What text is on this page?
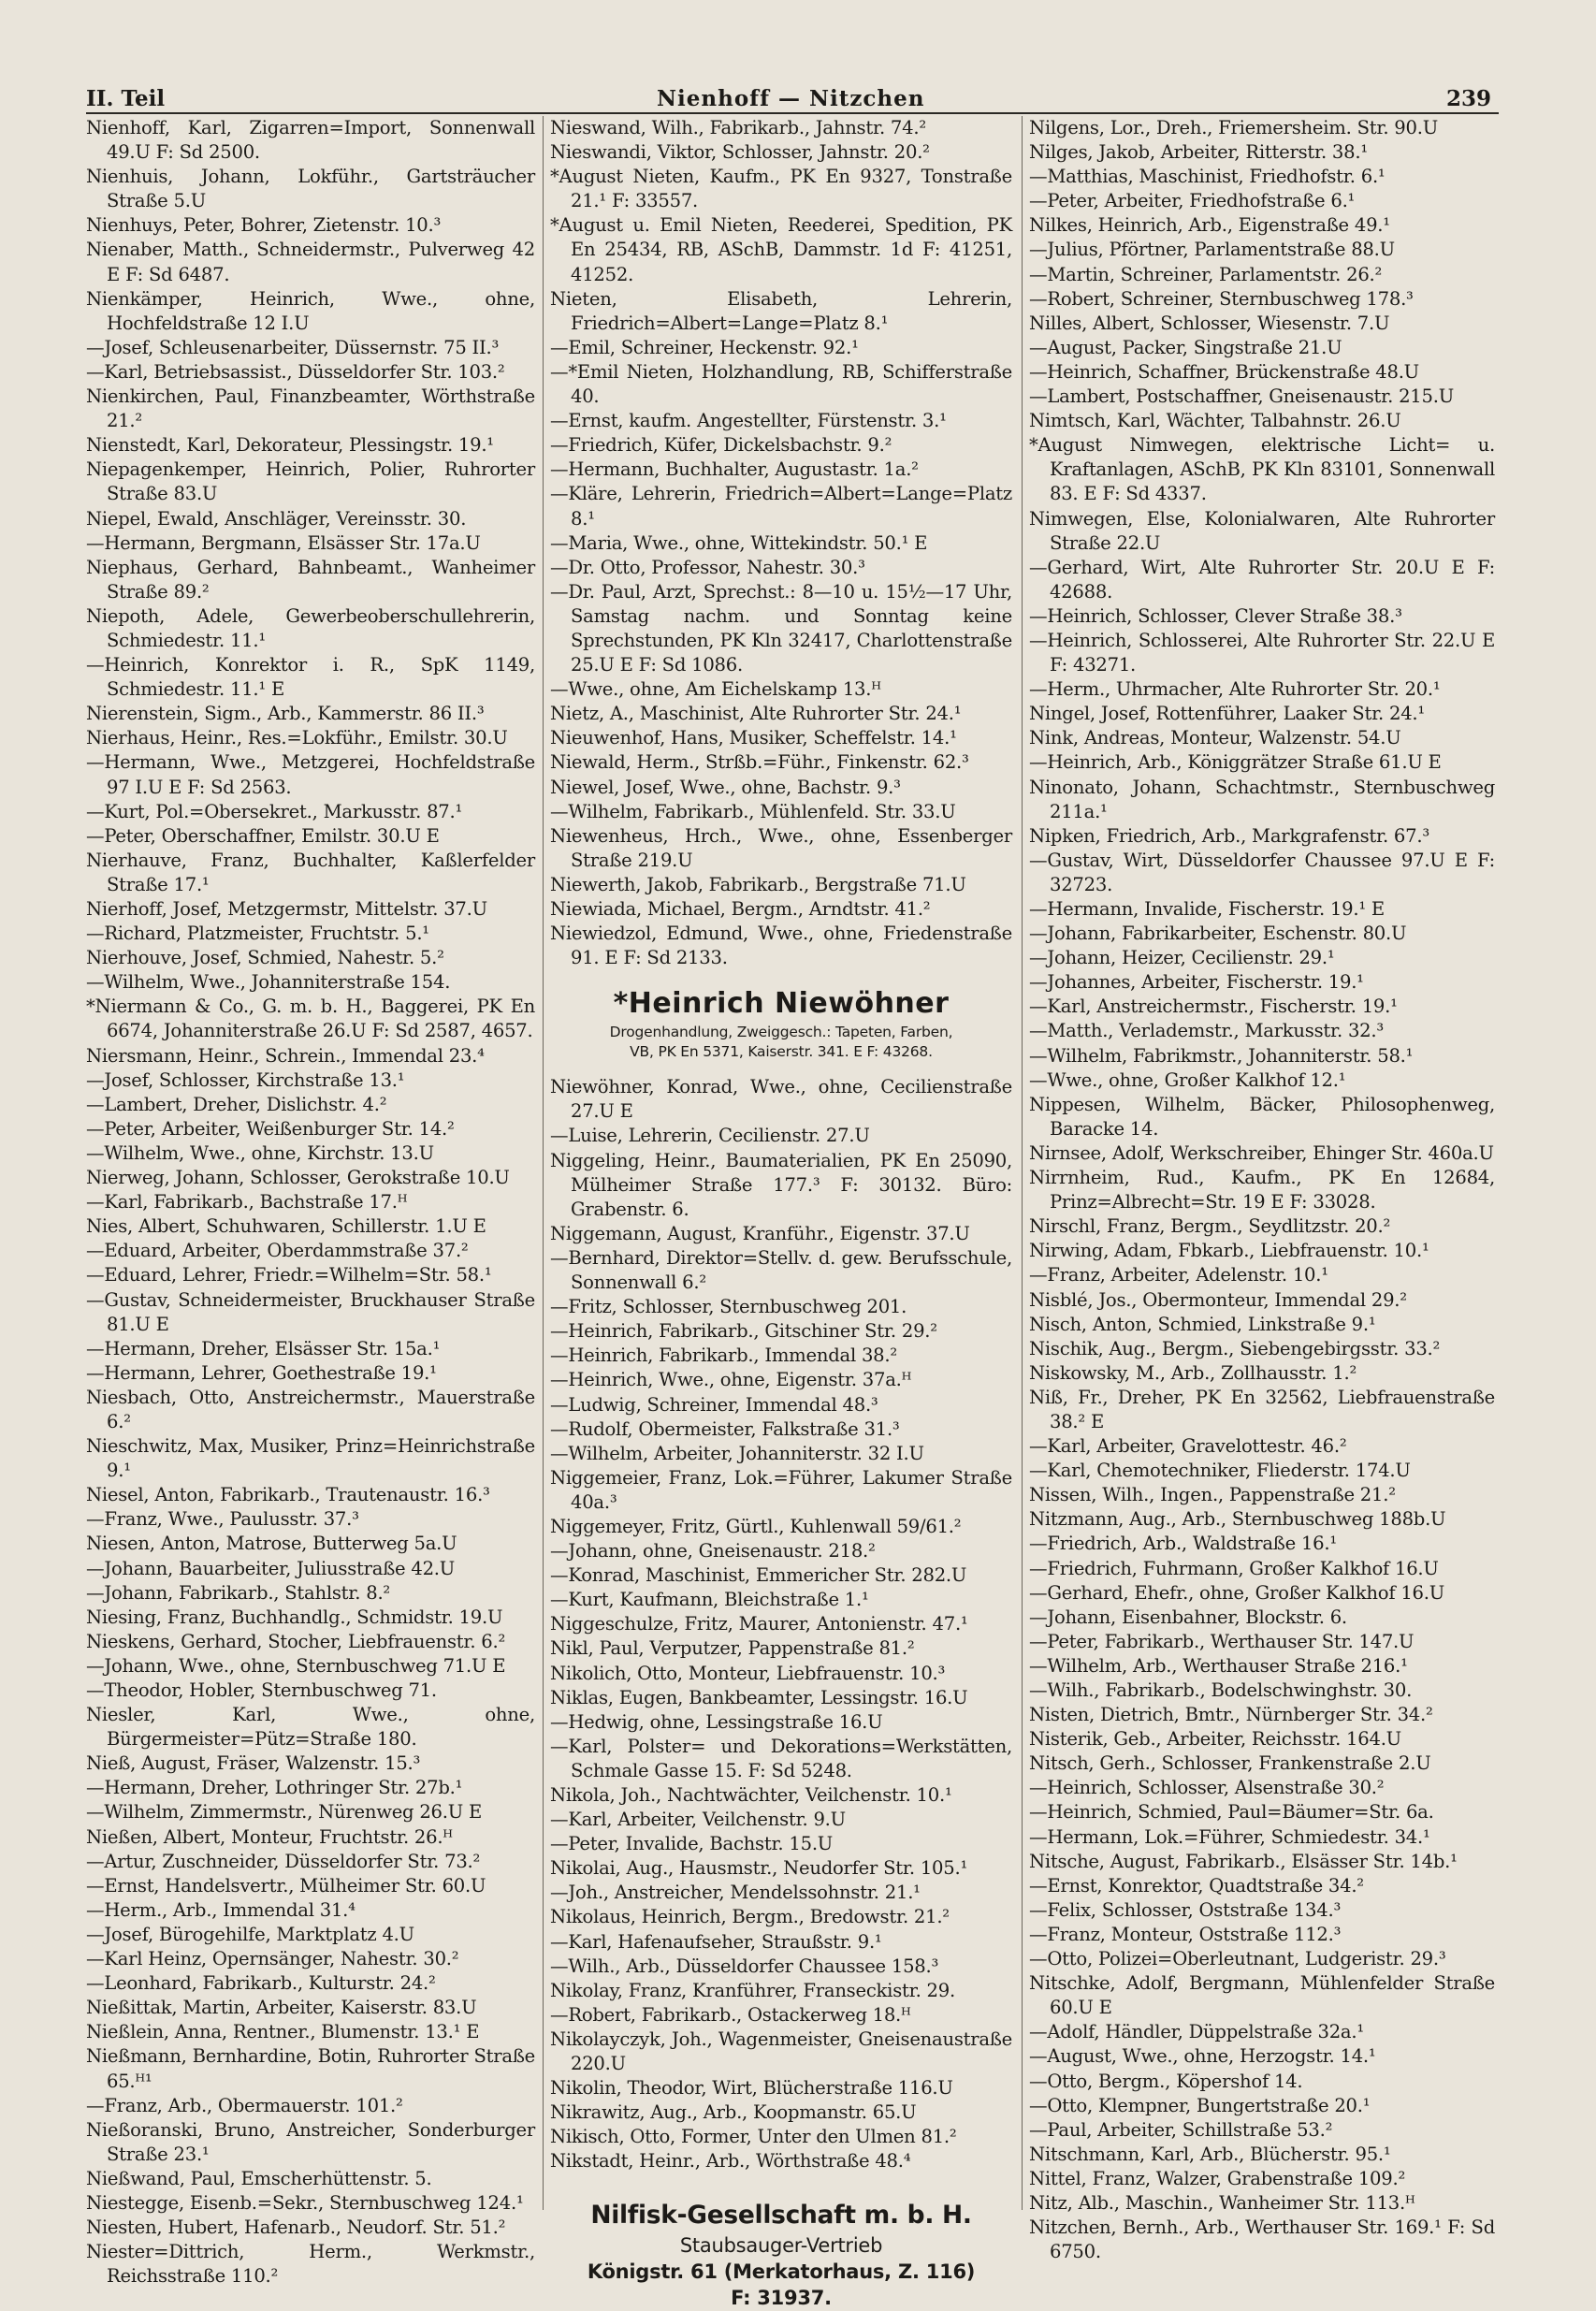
II. Teil	Nienhoff — Nitzchen	239

Nienhoff, Karl, Zigarren=Import, Sonnenwall 49.U F: Sd 2500.

Nienhuis, Johann, Lokführ., Gartsträucher Straße 5.U

Nienhuys, Peter, Bohrer, Zietenstr. 10.³

Nienaber, Matth., Schneidermstr., Pulverweg 42 E F: Sd 6487.

Nienkämper, Heinrich, Wwe., ohne, Hochfeldstraße 12 I.U

—Josef, Schleusenarbeiter, Düssernstr. 75 II.³

—Karl, Betriebsassist., Düsseldorfer Str. 103.²

Nienkirchen, Paul, Finanzbeamter, Wörthstraße 21.²

Nienstedt, Karl, Dekorateur, Plessingstr. 19.¹

Niepagenkemper, Heinrich, Polier, Ruhrorter Straße 83.U

Niepel, Ewald, Anschläger, Vereinsstr. 30.

—Hermann, Bergmann, Elsässer Str. 17a.U

Niephaus, Gerhard, Bahnbeamt., Wanheimer Straße 89.²

Niepoth, Adele, Gewerbeoberschullehrerin, Schmiedestr. 11.¹

—Heinrich, Konrektor i. R., SpK 1149, Schmiedestr. 11.¹ E

Nierenstein, Sigm., Arb., Kammerstr. 86 II.³

Nierhaus, Heinr., Res.=Lokführ., Emilstr. 30.U

—Hermann, Wwe., Metzgerei, Hochfeldstraße 97 I.U E F: Sd 2563.

—Kurt, Pol.=Obersekret., Markusstr. 87.¹

—Peter, Oberschaffner, Emilstr. 30.U E

Nierhauve, Franz, Buchhalter, Kaßlerfelder Straße 17.¹

Nierhoff, Josef, Metzgermstr, Mittelstr. 37.U

—Richard, Platzmeister, Fruchtstr. 5.¹

Nierhouve, Josef, Schmied, Nahestr. 5.²

—Wilhelm, Wwe., Johanniterstraße 154.

*Niermann & Co., G. m. b. H., Baggerei, PK En 6674, Johanniterstraße 26.U F: Sd 2587, 4657.

Niersmann, Heinr., Schrein., Immendal 23.⁴

—Josef, Schlosser, Kirchstraße 13.¹

—Lambert, Dreher, Dislichstr. 4.²

—Peter, Arbeiter, Weißenburger Str. 14.²

—Wilhelm, Wwe., ohne, Kirchstr. 13.U

Nierweg, Johann, Schlosser, Gerokstraße 10.U

—Karl, Fabrikarb., Bachstraße 17.ᴴ

Nies, Albert, Schuhwaren, Schillerstr. 1.U E

—Eduard, Arbeiter, Oberdammstraße 37.²

—Eduard, Lehrer, Friedr.=Wilhelm=Str. 58.¹

—Gustav, Schneidermeister, Bruckhauser Straße 81.U E

—Hermann, Dreher, Elsässer Str. 15a.¹

—Hermann, Lehrer, Goethestraße 19.¹

Niesbach, Otto, Anstreichermstr., Mauerstraße 6.²

Nieschwitz, Max, Musiker, Prinz=Heinrichstraße 9.¹

Niesel, Anton, Fabrikarb., Trautenaustr. 16.³

—Franz, Wwe., Paulusstr. 37.³

Niesen, Anton, Matrose, Butterweg 5a.U

—Johann, Bauarbeiter, Juliusstraße 42.U

—Johann, Fabrikarb., Stahlstr. 8.²

Niesing, Franz, Buchhandlg., Schmidstr. 19.U

Nieskens, Gerhard, Stocher, Liebfrauenstr. 6.²

—Johann, Wwe., ohne, Sternbuschweg 71.U E

—Theodor, Hobler, Sternbuschweg 71.

Niesler, Karl, Wwe., ohne, Bürgermeister=Pütz=Straße 180.

Nieß, August, Fräser, Walzenstr. 15.³

—Hermann, Dreher, Lothringer Str. 27b.¹

—Wilhelm, Zimmermstr., Nürenweg 26.U E

Nießen, Albert, Monteur, Fruchtstr. 26.ᴴ

—Artur, Zuschneider, Düsseldorfer Str. 73.²

—Ernst, Handelsvertr., Mülheimer Str. 60.U

—Herm., Arb., Immendal 31.⁴

—Josef, Bürogehilfe, Marktplatz 4.U

—Karl Heinz, Opernsänger, Nahestr. 30.²

—Leonhard, Fabrikarb., Kulturstr. 24.²

Nießittak, Martin, Arbeiter, Kaiserstr. 83.U

Nießlein, Anna, Rentner., Blumenstr. 13.¹ E

Nießmann, Bernhardine, Botin, Ruhrorter Straße 65.ᴴ¹

—Franz, Arb., Obermauerstr. 101.²

Nießoranski, Bruno, Anstreicher, Sonderburger Straße 23.¹

Nießwand, Paul, Emscherhüttenstr. 5.

Niestegge, Eisenb.=Sekr., Sternbuschweg 124.¹

Niesten, Hubert, Hafenarb., Neudorf. Str. 51.²

Niester=Dittrich, Herm., Werkmstr., Reichsstraße 110.²

Nieswand, Wilh., Fabrikarb., Jahnstr. 74.²

Nieswandi, Viktor, Schlosser, Jahnstr. 20.²

*August Nieten, Kaufm., PK En 9327, Tonstraße 21.¹ F: 33557.

*August u. Emil Nieten, Reederei, Spedition, PK En 25434, RB, ASchB, Dammstr. 1d F: 41251, 41252.

Nieten, Elisabeth, Lehrerin, Friedrich=Albert=Lange=Platz 8.¹

—Emil, Schreiner, Heckenstr. 92.¹

—*Emil Nieten, Holzhandlung, RB, Schifferstraße 40.

—Ernst, kaufm. Angestellter, Fürstenstr. 3.¹

—Friedrich, Küfer, Dickelsbachstr. 9.²

—Hermann, Buchhalter, Augustastr. 1a.²

—Kläre, Lehrerin, Friedrich=Albert=Lange=Platz 8.¹

—Maria, Wwe., ohne, Wittekindstr. 50.¹ E

—Dr. Otto, Professor, Nahestr. 30.³

—Dr. Paul, Arzt, Sprechst.: 8—10 u. 15½—17 Uhr, Samstag nachm. und Sonntag keine Sprechstunden, PK Kln 32417, Charlottenstraße 25.U E F: Sd 1086.

—Wwe., ohne, Am Eichelskamp 13.ᴴ

Nietz, A., Maschinist, Alte Ruhrorter Str. 24.¹

Nieuwenhof, Hans, Musiker, Scheffelstr. 14.¹

Niewald, Herm., Strßb.=Führ., Finkenstr. 62.³

Niewel, Josef, Wwe., ohne, Bachstr. 9.³

—Wilhelm, Fabrikarb., Mühlenfeld. Str. 33.U

Niewenheus, Hrch., Wwe., ohne, Essenberger Straße 219.U

Niewerth, Jakob, Fabrikarb., Bergstraße 71.U

Niewiada, Michael, Bergm., Arndtstr. 41.²

Niewiedzol, Edmund, Wwe., ohne, Friedenstraße 91. E F: Sd 2133.

*Heinrich Niewöhner
Drogenhandlung, Zweiggesch.: Tapeten, Farben,
VB, PK En 5371, Kaiserstr. 341. E F: 43268.

Niewöhner, Konrad, Wwe., ohne, Cecilienstraße 27.U E

—Luise, Lehrerin, Cecilienstr. 27.U

Niggeling, Heinr., Baumaterialien, PK En 25090, Mülheimer Straße 177.³ F: 30132. Büro: Grabenstr. 6.

Niggemann, August, Kranführ., Eigenstr. 37.U

—Bernhard, Direktor=Stellv. d. gew. Berufsschule, Sonnenwall 6.²

—Fritz, Schlosser, Sternbuschweg 201.

—Heinrich, Fabrikarb., Gitschiner Str. 29.²

—Heinrich, Fabrikarb., Immendal 38.²

—Heinrich, Wwe., ohne, Eigenstr. 37a.ᴴ

—Ludwig, Schreiner, Immendal 48.³

—Rudolf, Obermeister, Falkstraße 31.³

—Wilhelm, Arbeiter, Johanniterstr. 32 I.U

Niggemeier, Franz, Lok.=Führer, Lakumer Straße 40a.³

Niggemeyer, Fritz, Gürtl., Kuhlenwall 59/61.²

—Johann, ohne, Gneisenaustr. 218.²

—Konrad, Maschinist, Emmericher Str. 282.U

—Kurt, Kaufmann, Bleichstraße 1.¹

Niggeschulze, Fritz, Maurer, Antonienstr. 47.¹

Nikl, Paul, Verputzer, Pappenstraße 81.²

Nikolich, Otto, Monteur, Liebfrauenstr. 10.³

Niklas, Eugen, Bankbeamter, Lessingstr. 16.U

—Hedwig, ohne, Lessingstraße 16.U

—Karl, Polster= und Dekorations=Werkstätten, Schmale Gasse 15. F: Sd 5248.

Nikola, Joh., Nachtwächter, Veilchenstr. 10.¹

—Karl, Arbeiter, Veilchenstr. 9.U

—Peter, Invalide, Bachstr. 15.U

Nikolai, Aug., Hausmstr., Neudorfer Str. 105.¹

—Joh., Anstreicher, Mendelssohnstr. 21.¹

Nikolaus, Heinrich, Bergm., Bredowstr. 21.²

—Karl, Hafenaufseher, Straußstr. 9.¹

—Wilh., Arb., Düsseldorfer Chaussee 158.³

Nikolay, Franz, Kranführer, Franseckistr. 29.

—Robert, Fabrikarb., Ostackerweg 18.ᴴ

Nikolayczyk, Joh., Wagenmeister, Gneisenaustraße 220.U

Nikolin, Theodor, Wirt, Blücherstraße 116.U

Nikrawitz, Aug., Arb., Koopmanstr. 65.U

Nikisch, Otto, Former, Unter den Ulmen 81.²

Nikstadt, Heinr., Arb., Wörthstraße 48.⁴

Nilfisk-Gesellschaft m. b. H.
Staubsauger-Vertrieb
Königstr. 61 (Merkatorhaus, Z. 116)
F: 31937.

Nilgens, Lor., Dreh., Friemersheim. Str. 90.U

Nilges, Jakob, Arbeiter, Ritterstr. 38.¹

—Matthias, Maschinist, Friedhofstr. 6.¹

—Peter, Arbeiter, Friedhofstraße 6.¹

Nilkes, Heinrich, Arb., Eigenstraße 49.¹

—Julius, Pförtner, Parlamentstraße 88.U

—Martin, Schreiner, Parlamentstr. 26.²

—Robert, Schreiner, Sternbuschweg 178.³

Nilles, Albert, Schlosser, Wiesenstr. 7.U

—August, Packer, Singstraße 21.U

—Heinrich, Schaffner, Brückenstraße 48.U

—Lambert, Postschaffner, Gneisenaustr. 215.U

Nimtsch, Karl, Wächter, Talbahnstr. 26.U

*August Nimwegen, elektrische Licht= u. Kraftanlagen, ASchB, PK Kln 83101, Sonnenwall 83. E F: Sd 4337.

Nimwegen, Else, Kolonialwaren, Alte Ruhrorter Straße 22.U

—Gerhard, Wirt, Alte Ruhrorter Str. 20.U E F: 42688.

—Heinrich, Schlosser, Clever Straße 38.³

—Heinrich, Schlosserei, Alte Ruhrorter Str. 22.U E F: 43271.

—Herm., Uhrmacher, Alte Ruhrorter Str. 20.¹

Ningel, Josef, Rottenführer, Laaker Str. 24.¹

Nink, Andreas, Monteur, Walzenstr. 54.U

—Heinrich, Arb., Königgrätzer Straße 61.U E

Ninonato, Johann, Schachtmstr., Sternbuschweg 211a.¹

Nipken, Friedrich, Arb., Markgrafenstr. 67.³

—Gustav, Wirt, Düsseldorfer Chaussee 97.U E F: 32723.

—Hermann, Invalide, Fischerstr. 19.¹ E

—Johann, Fabrikarbeiter, Eschenstr. 80.U

—Johann, Heizer, Cecilienstr. 29.¹

—Johannes, Arbeiter, Fischerstr. 19.¹

—Karl, Anstreichermstr., Fischerstr. 19.¹

—Matth., Verlademstr., Markusstr. 32.³

—Wilhelm, Fabrikmstr., Johanniterstr. 58.¹

—Wwe., ohne, Großer Kalkhof 12.¹

Nippesen, Wilhelm, Bäcker, Philosophenweg, Baracke 14.

Nirnsee, Adolf, Werkschreiber, Ehinger Str. 460a.U

Nirrnheim, Rud., Kaufm., PK En 12684, Prinz=Albrecht=Str. 19 E F: 33028.

Nirschl, Franz, Bergm., Seydlitzstr. 20.²

Nirwing, Adam, Fbkarb., Liebfrauenstr. 10.¹

—Franz, Arbeiter, Adelenstr. 10.¹

Nisblé, Jos., Obermonteur, Immendal 29.²

Nisch, Anton, Schmied, Linkstraße 9.¹

Nischik, Aug., Bergm., Siebengebirgsstr. 33.²

Niskowsky, M., Arb., Zollhausstr. 1.²

Niß, Fr., Dreher, PK En 32562, Liebfrauenstraße 38.² E

—Karl, Arbeiter, Gravelottestr. 46.²

—Karl, Chemotechniker, Fliederstr. 174.U

Nissen, Wilh., Ingen., Pappenstraße 21.²

Nitzmann, Aug., Arb., Sternbuschweg 188b.U

—Friedrich, Arb., Waldstraße 16.¹

—Friedrich, Fuhrmann, Großer Kalkhof 16.U

—Gerhard, Ehefr., ohne, Großer Kalkhof 16.U

—Johann, Eisenbahner, Blockstr. 6.

—Peter, Fabrikarb., Werthauser Str. 147.U

—Wilhelm, Arb., Werthauser Straße 216.¹

—Wilh., Fabrikarb., Bodelschwinghstr. 30.

Nisten, Dietrich, Bmtr., Nürnberger Str. 34.²

Nisterik, Geb., Arbeiter, Reichsstr. 164.U

Nitsch, Gerh., Schlosser, Frankenstraße 2.U

—Heinrich, Schlosser, Alsenstraße 30.²

—Heinrich, Schmied, Paul=Bäumer=Str. 6a.

—Hermann, Lok.=Führer, Schmiedestr. 34.¹

Nitsche, August, Fabrikarb., Elsässer Str. 14b.¹

—Ernst, Konrektor, Quadtstraße 34.²

—Felix, Schlosser, Oststraße 134.³

—Franz, Monteur, Oststraße 112.³

—Otto, Polizei=Oberleutnant, Ludgeristr. 29.³

Nitschke, Adolf, Bergmann, Mühlenfelder Straße 60.U E

—Adolf, Händler, Düppelstraße 32a.¹

—August, Wwe., ohne, Herzogstr. 14.¹

—Otto, Bergm., Köpershof 14.

—Otto, Klempner, Bungertstraße 20.¹

—Paul, Arbeiter, Schillstraße 53.²

Nitschmann, Karl, Arb., Blücherstr. 95.¹

Nittel, Franz, Walzer, Grabenstraße 109.²

Nitz, Alb., Maschin., Wanheimer Str. 113.ᴴ

Nitzchen, Bernh., Arb., Werthauser Str. 169.¹ F: Sd 6750.
